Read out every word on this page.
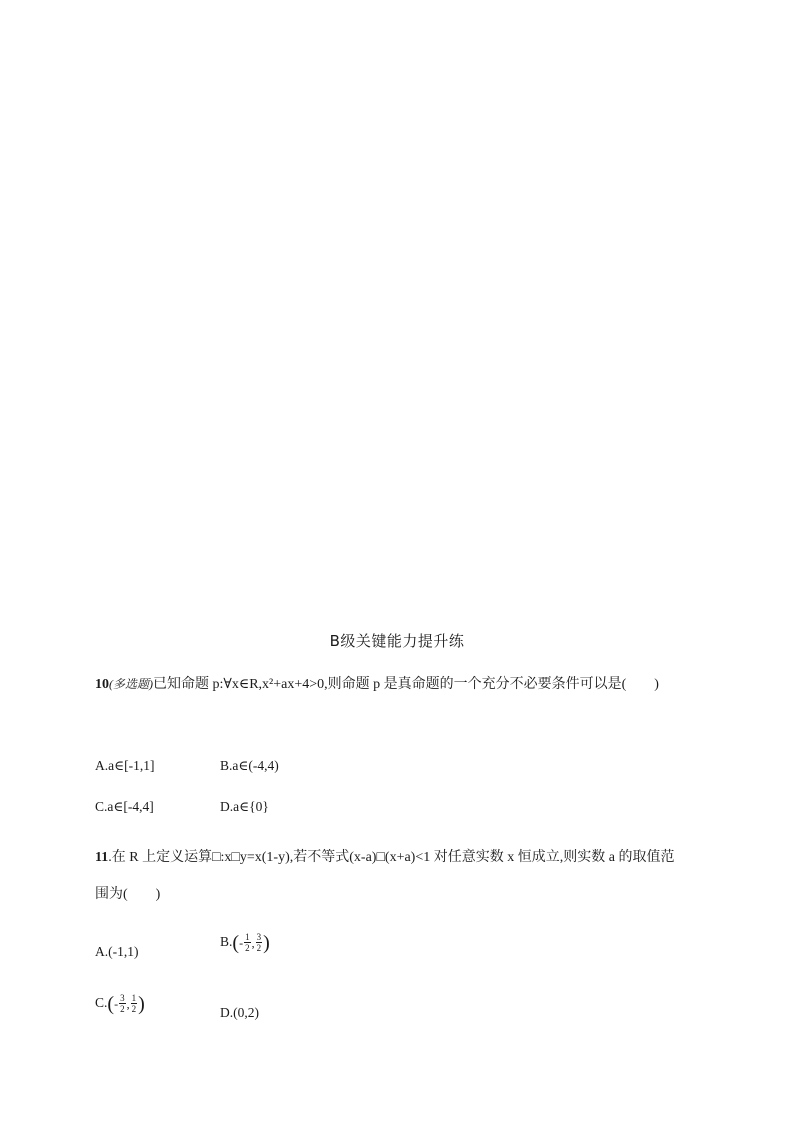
B级关键能力提升练
10(多选题)已知命题 p:∀x∈R,x²+ax+4>0,则命题 p 是真命题的一个充分不必要条件可以是(　　)
A.a∈[-1,1]	B.a∈(-4,4)
C.a∈[-4,4]	D.a∈{0}
11.在 R 上定义运算□:x□y=x(1-y),若不等式(x-a)□(x+a)<1 对任意实数 x 恒成立,则实数 a 的取值范
围为(　　)
A.(-1,1)
$B.(- \frac{1}{2}$ , $\frac{3}{2}$ )
$C.(- \frac{3}{2}$ , $\frac{1}{2}$ )	D.(0,2)
